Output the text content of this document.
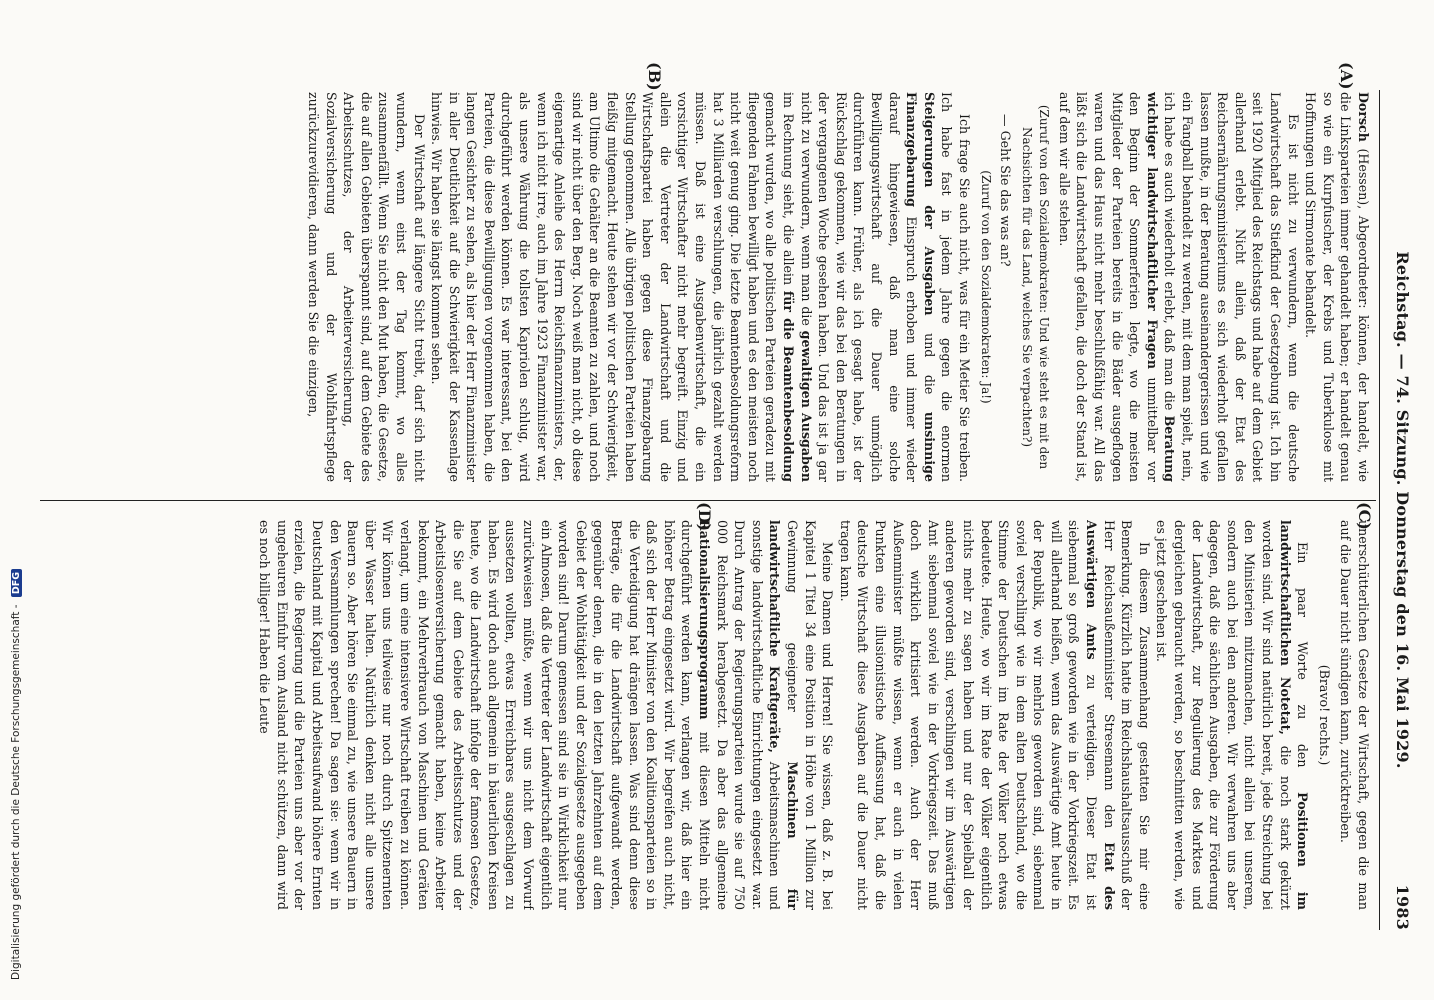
Reichstag. — 74. Sitzung. Donnerstag den 16. Mai 1929.
1983
(A)
(B)
(C)
(D)

Dorsch (Hessen), Abgeordneter: können, der handelt, wie die Linksparteien immer gehandelt haben; er handelt genau so wie ein Kurpfuscher, der Krebs und Tuberkulose mit Hoffnungen und Sirmonate behandelt.

Es ist nicht zu verwundern, wenn die deutsche Landwirtschaft das Stiefkind der Gesetzgebung ist. Ich bin seit 1920 Mitglied des Reichstags und habe auf dem Gebiet allerhand erlebt. Nicht allein, daß der Etat des Reichsernährungsministeriums es sich wiederholt gefallen lassen mußte, in der Beratung auseinandergerissen und wie ein Fangball behandelt zu werden, mit dem man spielt, nein, ich habe es auch wiederholt erlebt, daß man die Beratung wichtiger landwirtschaftlicher Fragen unmittelbar vor den Beginn der Sommerferien legte, wo die meisten Mitglieder der Parteien bereits in die Bäder ausgeflogen waren und das Haus nicht mehr beschlußfähig war. All das läßt sich die Landwirtschaft gefallen, die doch der Stand ist, auf dem wir alle stehen.

(Zuruf von den Sozialdemokraten: Und wie steht es mit den Nachsichten für das Land, welches Sie verpachten?)

— Geht Sie das was an?

(Zuruf von den Sozialdemokraten: Ja!)

Ich frage Sie auch nicht, was für ein Metier Sie treiben. Ich habe fast in jedem Jahre gegen die enormen Steigerungen der Ausgaben und die unsinnige Finanzgebarung Einspruch erhoben und immer wieder darauf hingewiesen, daß man eine solche Bewilligungswirtschaft auf die Dauer unmöglich durchführen kann. Früher, als ich gesagt habe, ist der Rückschlag gekommen, wie wir das bei den Beratungen in der vergangenen Woche gesehen haben. Und das ist ja gar nicht zu verwundern, wenn man die gewaltigen Ausgaben im Rechnung sieht, die allein für die Beamtenbesoldung gemacht wurden, wo alle politischen Parteien geradezu mit fliegenden Fahnen bewilligt haben und es den meisten noch nicht weit genug ging. Die letzte Beamtenbesoldungsreform hat 3 Milliarden verschlungen, die jährlich gezahlt werden müssen. Daß ist eine Ausgabenwirtschaft, die ein vorsichtiger Wirtschafter nicht mehr begreift. Einzig und allein die Vertreter der Landwirtschaft und die Wirtschaftspartei haben gegen diese Finanzgebarung Stellung genommen. Alle übrigen politischen Parteien haben fleißig mitgemacht. Heute stehen wir vor der Schwierigkeit, am Ultimo die Gehälter an die Beamten zu zahlen, und noch sind wir nicht über den Berg. Noch weiß man nicht, ob diese eigenartige Anleihe des Herrn Reichsfinanzministers, der, wenn ich nicht irre, auch im Jahre 1923 Finanzminister war, als unsere Währung die tollsten Kapriolen schlug, wird durchgeführt werden können. Es war interessant, bei den Parteien, die diese Bewilligungen vorgenommen haben, die langen Gesichter zu sehen, als hier der Herr Finanzminister in aller Deutlichkeit auf die Schwierigkeit der Kassenlage hinwies. Wir haben sie längst kommen sehen.

Der Wirtschaft auf längere Sicht treibt, darf sich nicht wundern, wenn einst der Tag kommt, wo alles zusammenfällt. Wenn Sie nicht den Mut haben, die Gesetze, die auf allen Gebieten überspannt sind, auf dem Gebiete des Arbeitsschutzes, der Arbeiterversicherung, der Sozialversicherung und der Wohlfahrtspflege zurückzurevidieren, dann werden Sie die einzigen,

unerschütterlichen Gesetze der Wirtschaft, gegen die man auf die Dauer nicht sündigen kann, zurücktreiben.

(Bravo! rechts.)

Ein paar Worte zu den Positionen im landwirtschaftlichen Notetat, die noch stark gekürzt worden sind. Wir sind natürlich bereit, jede Streichung bei den Ministerien mitzumachen, nicht allein bei unserem, sondern auch bei den anderen. Wir verwahren uns aber dagegen, daß die sächlichen Ausgaben, die zur Förderung der Landwirtschaft, zur Regulierung des Marktes und dergleichen gebraucht werden, so beschnitten werden, wie es jetzt geschehen ist.

In diesem Zusammenhang gestatten Sie mir eine Bemerkung. Kürzlich hatte im Reichshaushaltsausschuß der Herr Reichsaußenminister Stresemann den Etat des Auswärtigen Amts zu verteidigen. Dieser Etat ist siebenmal so groß geworden wie in der Vorkriegszeit. Es will allerhand heißen, wenn das Auswärtige Amt heute in der Republik, wo wir mehrlos geworden sind, siebenmal soviel verschlingt wie in dem alten Deutschland, wo die Stimme der Deutschen im Rate der Völker noch etwas bedeutete. Heute, wo wir im Rate der Völker eigentlich nichts mehr zu sagen haben und nur der Spielball der anderen geworden sind, verschlingen wir im Auswärtigen Amt siebenmal soviel wie in der Vorkriegszeit. Das muß doch wirklich kritisiert werden. Auch der Herr Außenminister müßte wissen, wenn er auch in vielen Punkten eine illusionistische Auffassung hat, daß die deutsche Wirtschaft diese Ausgaben auf die Dauer nicht tragen kann.

Meine Damen und Herren! Sie wissen, daß z. B. bei Kapitel 1 Titel 34 eine Position in Höhe von 1 Million zur Gewinnung geeigneter Maschinen für landwirtschaftliche Kraftgeräte, Arbeitsmaschinen und sonstige landwirtschaftliche Einrichtungen eingesetzt war. Durch Antrag der Regierungsparteien wurde sie auf 750 000 Reichsmark herabgesetzt. Da aber das allgemeine Rationalisierungsprogramm mit diesen Mitteln nicht durchgeführt werden kann, verlangen wir, daß hier ein höherer Betrag eingesetzt wird. Wir begreifen auch nicht, daß sich der Herr Minister von den Koalitionsparteien so in die Verteidigung hat drängen lassen. Was sind denn diese Beträge, die für die Landwirtschaft aufgewandt werden, gegenüber denen, die in den letzten Jahrzehnten auf dem Gebiet der Wohltätigkeit und der Sozialgesetze ausgegeben worden sind! Darum gemessen sind sie in Wirklichkeit nur ein Almosen, daß die Vertreter der Landwirtschaft eigentlich zurückweisen müßte, wenn wir uns nicht dem Vorwurf aussetzen wollten, etwas Erreichbares ausgeschlagen zu haben. Es wird doch auch allgemein in bäuerlichen Kreisen heute, wo die Landwirtschaft infolge der famosen Gesetze, die Sie auf dem Gebiete des Arbeitsschutzes und der Arbeitslosenversicherung gemacht haben, keine Arbeiter bekommt, ein Mehrverbrauch von Maschinen und Geräten verlangt, um eine intensivere Wirtschaft treiben zu können. Wir können uns teilweise nur noch durch Spitzenernten über Wasser halten. Natürlich denken nicht alle unsere Bauern so. Aber hören Sie einmal zu, wie unsere Bauern in den Versammlungen sprechen! Da sagen sie: wenn wir in Deutschland mit Kapital und Arbeitsaufwand höhere Ernten erzielen, die Regierung und die Parteien uns aber vor der ungeheuren Einfuhr vom Ausland nicht schützen, dann wird es noch billiger! Haben die Leute

Digitalisierung gefördert durch die Deutsche Forschungsgemeinschaft - DFG
